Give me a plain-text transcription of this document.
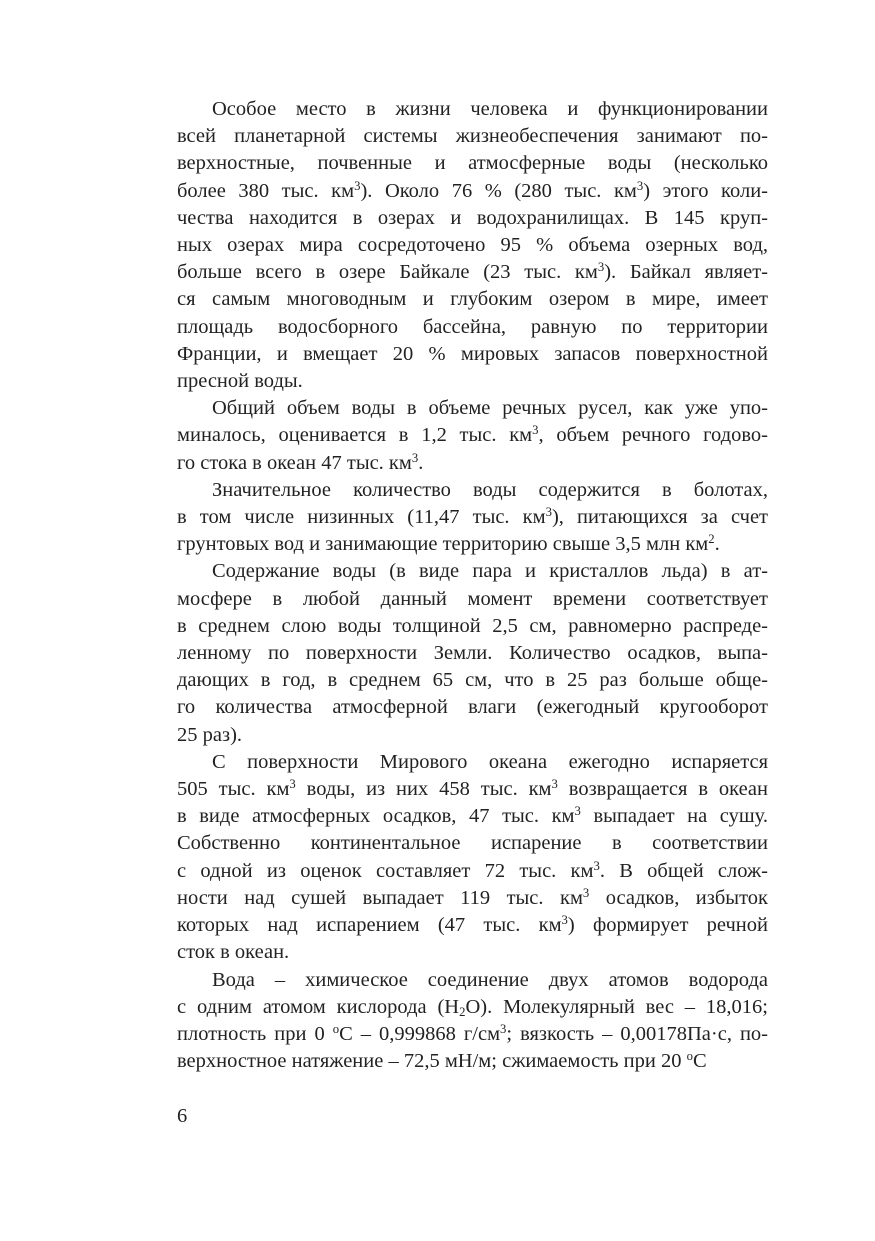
Особое место в жизни человека и функционировании
всей планетарной системы жизнеобеспечения занимают по-
верхностные, почвенные и атмосферные воды (несколько
более 380 тыс. $км^3$). Около 76 % (280 тыс. $км^3$) этого коли-
чества находится в озерах и водохранилищах. В 145 круп-
ных озерах мира сосредоточено 95 % объема озерных вод,
больше всего в озере Байкале (23 тыс. $км^3$). Байкал являет-
ся самым многоводным и глубоким озером в мире, имеет
площадь водосборного бассейна, равную по территории
Франции, и вмещает 20 % мировых запасов поверхностной
пресной воды.
Общий объем воды в объеме речных русел, как уже упо-
миналось, оценивается в 1,2 тыс. $км^3$, объем речного годово-
го стока в океан 47 тыс. $км^3$.
Значительное количество воды содержится в болотах,
в том числе низинных (11,47 тыс. $км^3$), питающихся за счет
грунтовых вод и занимающие территорию свыше 3,5 млн $км^2$.
Содержание воды (в виде пара и кристаллов льда) в ат-
мосфере в любой данный момент времени соответствует
в среднем слою воды толщиной 2,5 см, равномерно распреде-
ленному по поверхности Земли. Количество осадков, выпа-
дающих в год, в среднем 65 см, что в 25 раз больше обще-
го количества атмосферной влаги (ежегодный кругооборот
25 раз).
С поверхности Мирового океана ежегодно испаряется
505 тыс. $км^3$ воды, из них 458 тыс. $км^3$ возвращается в океан
в виде атмосферных осадков, 47 тыс. $км^3$ выпадает на сушу.
Собственно континентальное испарение в соответствии
с одной из оценок составляет 72 тыс. $км^3$. В общей слож-
ности над сушей выпадает 119 тыс. $км^3$ осадков, избыток
которых над испарением (47 тыс. $км^3$) формирует речной
сток в океан.
Вода – химическое соединение двух атомов водорода
с одним атомом кислорода $(Н_2О)$. Молекулярный вес – 18,016;
плотность при 0 $^о$С – 0,999868 $г/см^3$; вязкость – 0,00178Па·с, по-
верхностное натяжение – 72,5 мН/м; сжимаемость при 20 $^о$С
6
